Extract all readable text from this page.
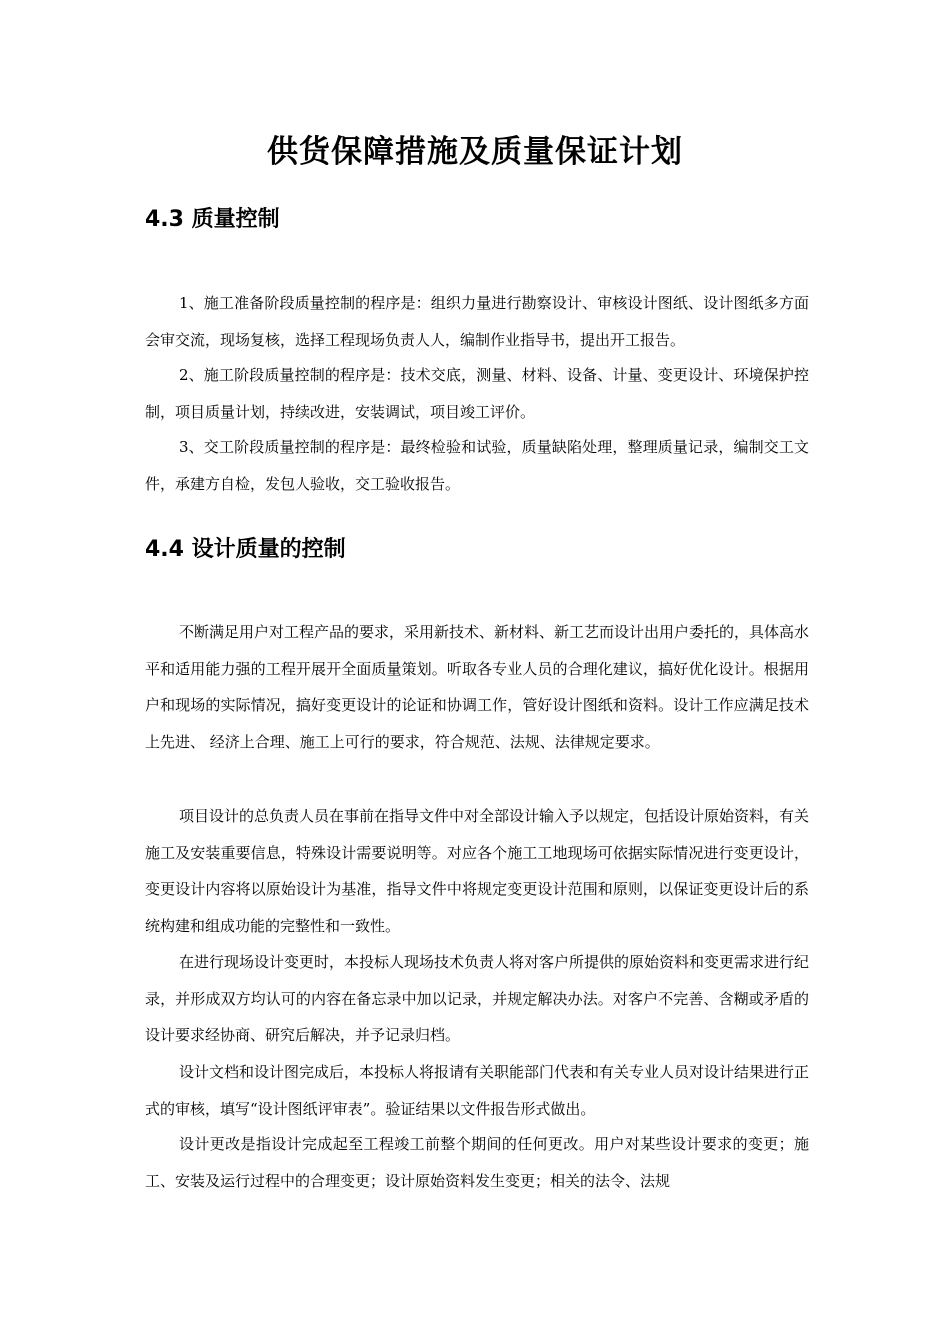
供货保障措施及质量保证计划
4.3 质量控制

1、施工准备阶段质量控制的程序是：组织力量进行勘察设计、审核设计图纸、设计图纸多方面会审交流，现场复核，选择工程现场负责人人，编制作业指导书，提出开工报告。

2、施工阶段质量控制的程序是：技术交底，测量、材料、设备、计量、变更设计、环境保护控制，项目质量计划，持续改进，安装调试，项目竣工评价。

3、交工阶段质量控制的程序是：最终检验和试验，质量缺陷处理，整理质量记录，编制交工文件，承建方自检，发包人验收，交工验收报告。

4.4 设计质量的控制

不断满足用户对工程产品的要求，采用新技术、新材料、新工艺而设计出用户委托的，具体高水平和适用能力强的工程开展开全面质量策划。听取各专业人员的合理化建议，搞好优化设计。根据用户和现场的实际情况，搞好变更设计的论证和协调工作，管好设计图纸和资料。设计工作应满足技术上先进、 经济上合理、施工上可行的要求，符合规范、法规、法律规定要求。

项目设计的总负责人员在事前在指导文件中对全部设计输入予以规定，包括设计原始资料，有关施工及安装重要信息，特殊设计需要说明等。对应各个施工工地现场可依据实际情况进行变更设计，变更设计内容将以原始设计为基准，指导文件中将规定变更设计范围和原则，以保证变更设计后的系统构建和组成功能的完整性和一致性。

在进行现场设计变更时，本投标人现场技术负责人将对客户所提供的原始资料和变更需求进行纪录，并形成双方均认可的内容在备忘录中加以记录，并规定解决办法。对客户不完善、含糊或矛盾的设计要求经协商、研究后解决，并予记录归档。

设计文档和设计图完成后，本投标人将报请有关职能部门代表和有关专业人员对设计结果进行正式的审核，填写“设计图纸评审表”。验证结果以文件报告形式做出。

设计更改是指设计完成起至工程竣工前整个期间的任何更改。用户对某些设计要求的变更；施工、安装及运行过程中的合理变更；设计原始资料发生变更；相关的法令、法规
